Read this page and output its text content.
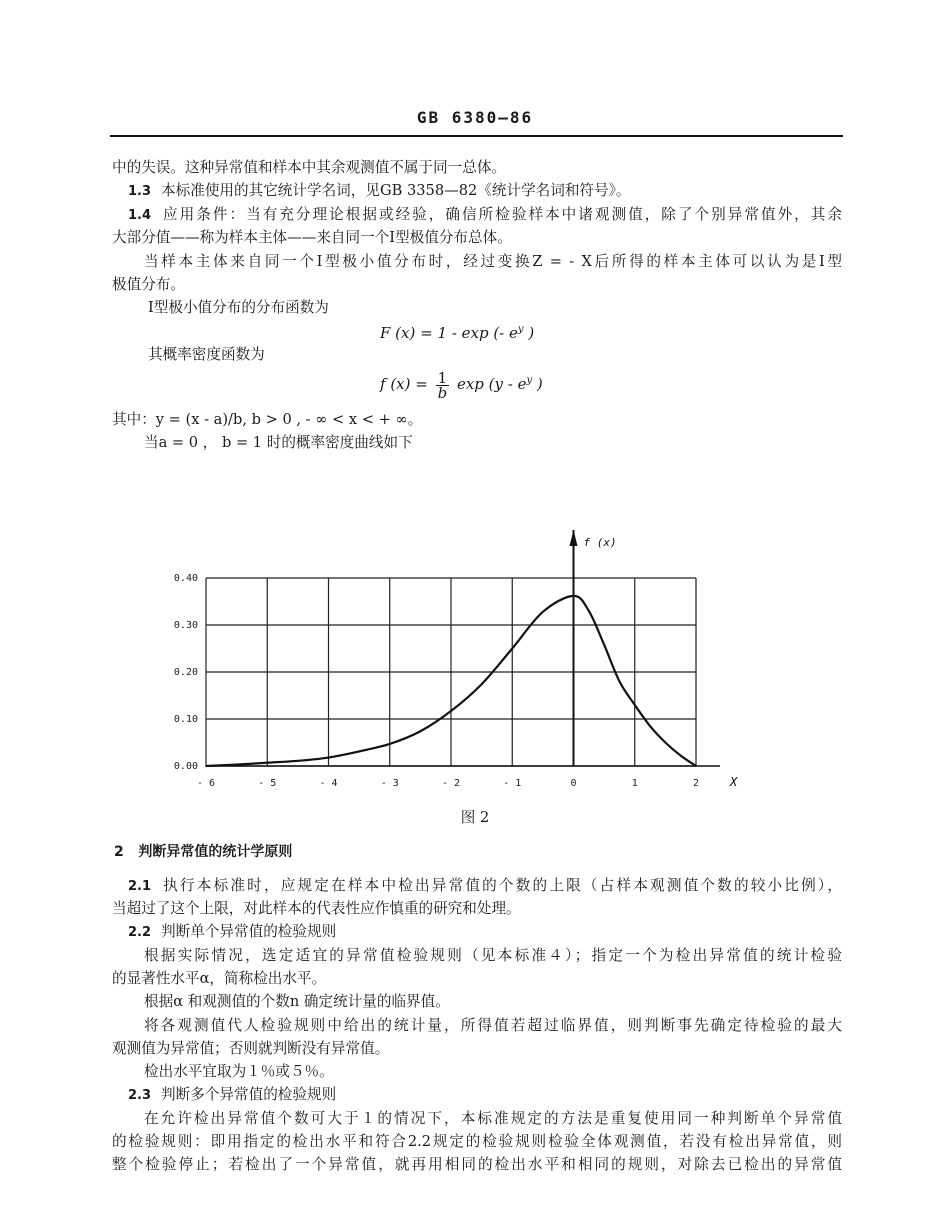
GB 6380—86
中的失误。这种异常值和样本中其余观测值不属于同一总体。
1.3 本标准使用的其它统计学名词，见GB 3358—82《统计学名词和符号》。
1.4 应用条件：当有充分理论根据或经验，确信所检验样本中诸观测值，除了个别异常值外，其余
大部分值——称为样本主体——来自同一个Ⅰ型极值分布总体。
当样本主体来自同一个Ⅰ型极小值分布时，经过变换Z = - X后所得的样本主体可以认为是Ⅰ型
极值分布。
Ⅰ型极小值分布的分布函数为
F (x) = 1 - exp (- $e^y$ )
其概率密度函数为
f $(x) = \frac{1}{b}$ $\exp (y - e^y$ )
其中：y = (x - a)/b, b > 0 , - ∞ < x < + ∞。
当a = 0 ， b = 1 时的概率密度曲线如下
X
f (x)
- 6	- 5	- 4	- 3	- 2	- 1	0	1	2
0.00
0.10
0.20
0.30
0.40
图 2
2 判断异常值的统计学原则
2.1 执行本标准时，应规定在样本中检出异常值的个数的上限（占样本观测值个数的较小比例），
当超过了这个上限，对此样本的代表性应作慎重的研究和处理。
2.2 判断单个异常值的检验规则
根据实际情况，选定适宜的异常值检验规则（见本标准４）；指定一个为检出异常值的统计检验
的显著性水平α，简称检出水平。
根据α 和观测值的个数n 确定统计量的临界值。
将各观测值代人检验规则中给出的统计量，所得值若超过临界值，则判断事先确定待检验的最大
观测值为异常值；否则就判断没有异常值。
检出水平宜取为１％或５％。
2.3 判断多个异常值的检验规则
在允许检出异常值个数可大于１的情况下，本标准规定的方法是重复使用同一种判断单个异常值
的检验规则：即用指定的检出水平和符合2.2规定的检验规则检验全体观测值，若没有检出异常值，则
整个检验停止；若检出了一个异常值，就再用相同的检出水平和相同的规则，对除去已检出的异常值
